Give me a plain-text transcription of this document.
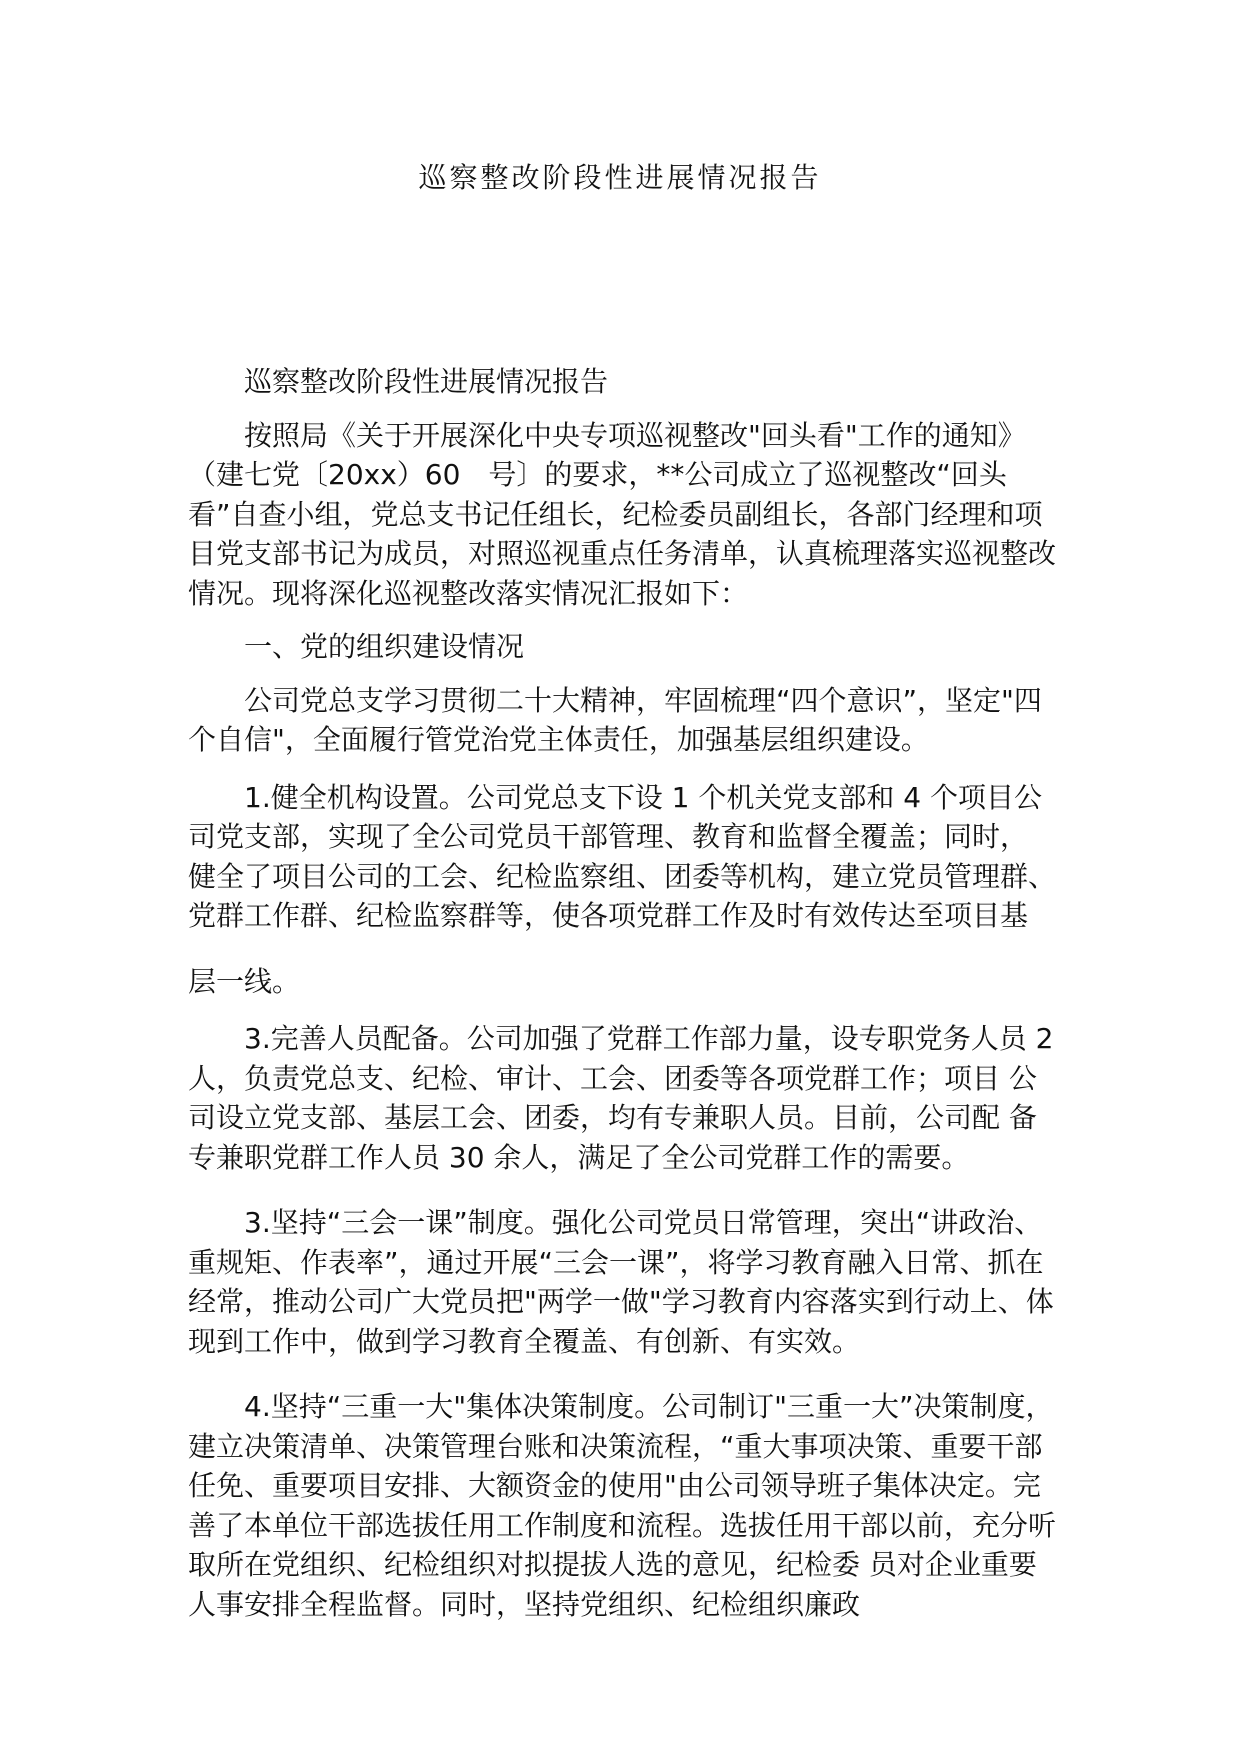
巡察整改阶段性进展情况报告

巡察整改阶段性进展情况报告

按照局《关于开展深化中央专项巡视整改"回头看"工作的通知》（建七党〔20xx）60　号〕的要求，**公司成立了巡视整改“回头看”自查小组，党总支书记任组长，纪检委员副组长，各部门经理和项目党支部书记为成员，对照巡视重点任务清单，认真梳理落实巡视整改情况。现将深化巡视整改落实情况汇报如下：

一、党的组织建设情况

公司党总支学习贯彻二十大精神，牢固梳理“四个意识”，坚定"四个自信"，全面履行管党治党主体责任，加强基层组织建设。

1.健全机构设置。公司党总支下设 1 个机关党支部和 4 个项目公 司党支部，实现了全公司党员干部管理、教育和监督全覆盖；同时， 健全了项目公司的工会、纪检监察组、团委等机构，建立党员管理群、 党群工作群、纪检监察群等，使各项党群工作及时有效传达至项目基

层一线。

3.完善人员配备。公司加强了党群工作部力量，设专职党务人员 2 人，负责党总支、纪检、审计、工会、团委等各项党群工作；项目 公司设立党支部、基层工会、团委，均有专兼职人员。目前，公司配 备专兼职党群工作人员 30 余人，满足了全公司党群工作的需要。

3.坚持“三会一课”制度。强化公司党员日常管理，突出“讲政治、重规矩、作表率”，通过开展“三会一课”，将学习教育融入日常、抓在经常，推动公司广大党员把"两学一做"学习教育内容落实到行动上、体现到工作中，做到学习教育全覆盖、有创新、有实效。

4.坚持“三重一大"集体决策制度。公司制订"三重一大”决策制度，建立决策清单、决策管理台账和决策流程，“重大事项决策、重要干部任免、重要项目安排、大额资金的使用"由公司领导班子集体决定。完善了本单位干部选拔任用工作制度和流程。选拔任用干部以前，充分听取所在党组织、纪检组织对拟提拔人选的意见，纪检委 员对企业重要人事安排全程监督。同时，坚持党组织、纪检组织廉政
